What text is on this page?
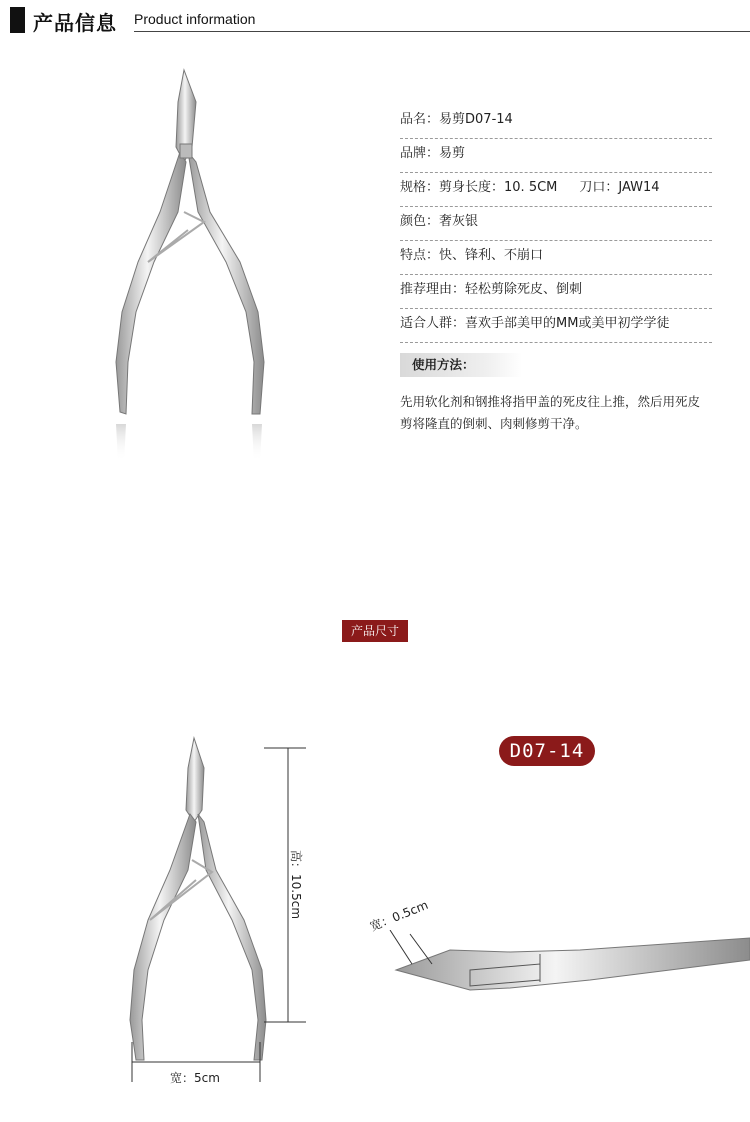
产品信息 Product information
品名：易剪D07-14
品牌：易剪
规格：剪身长度：10. 5CM 刀口：JAW14
颜色：奢灰银
特点：快、锋利、不崩口
推荐理由：轻松剪除死皮、倒刺
适合人群：喜欢手部美甲的MM或美甲初学学徒
使用方法：
先用软化剂和钢推将指甲盖的死皮往上推，然后用死皮剪将隆直的倒刺、肉刺修剪干净。
产品尺寸
D07-14
高：10.5cm
宽：5cm
宽：0.5cm
